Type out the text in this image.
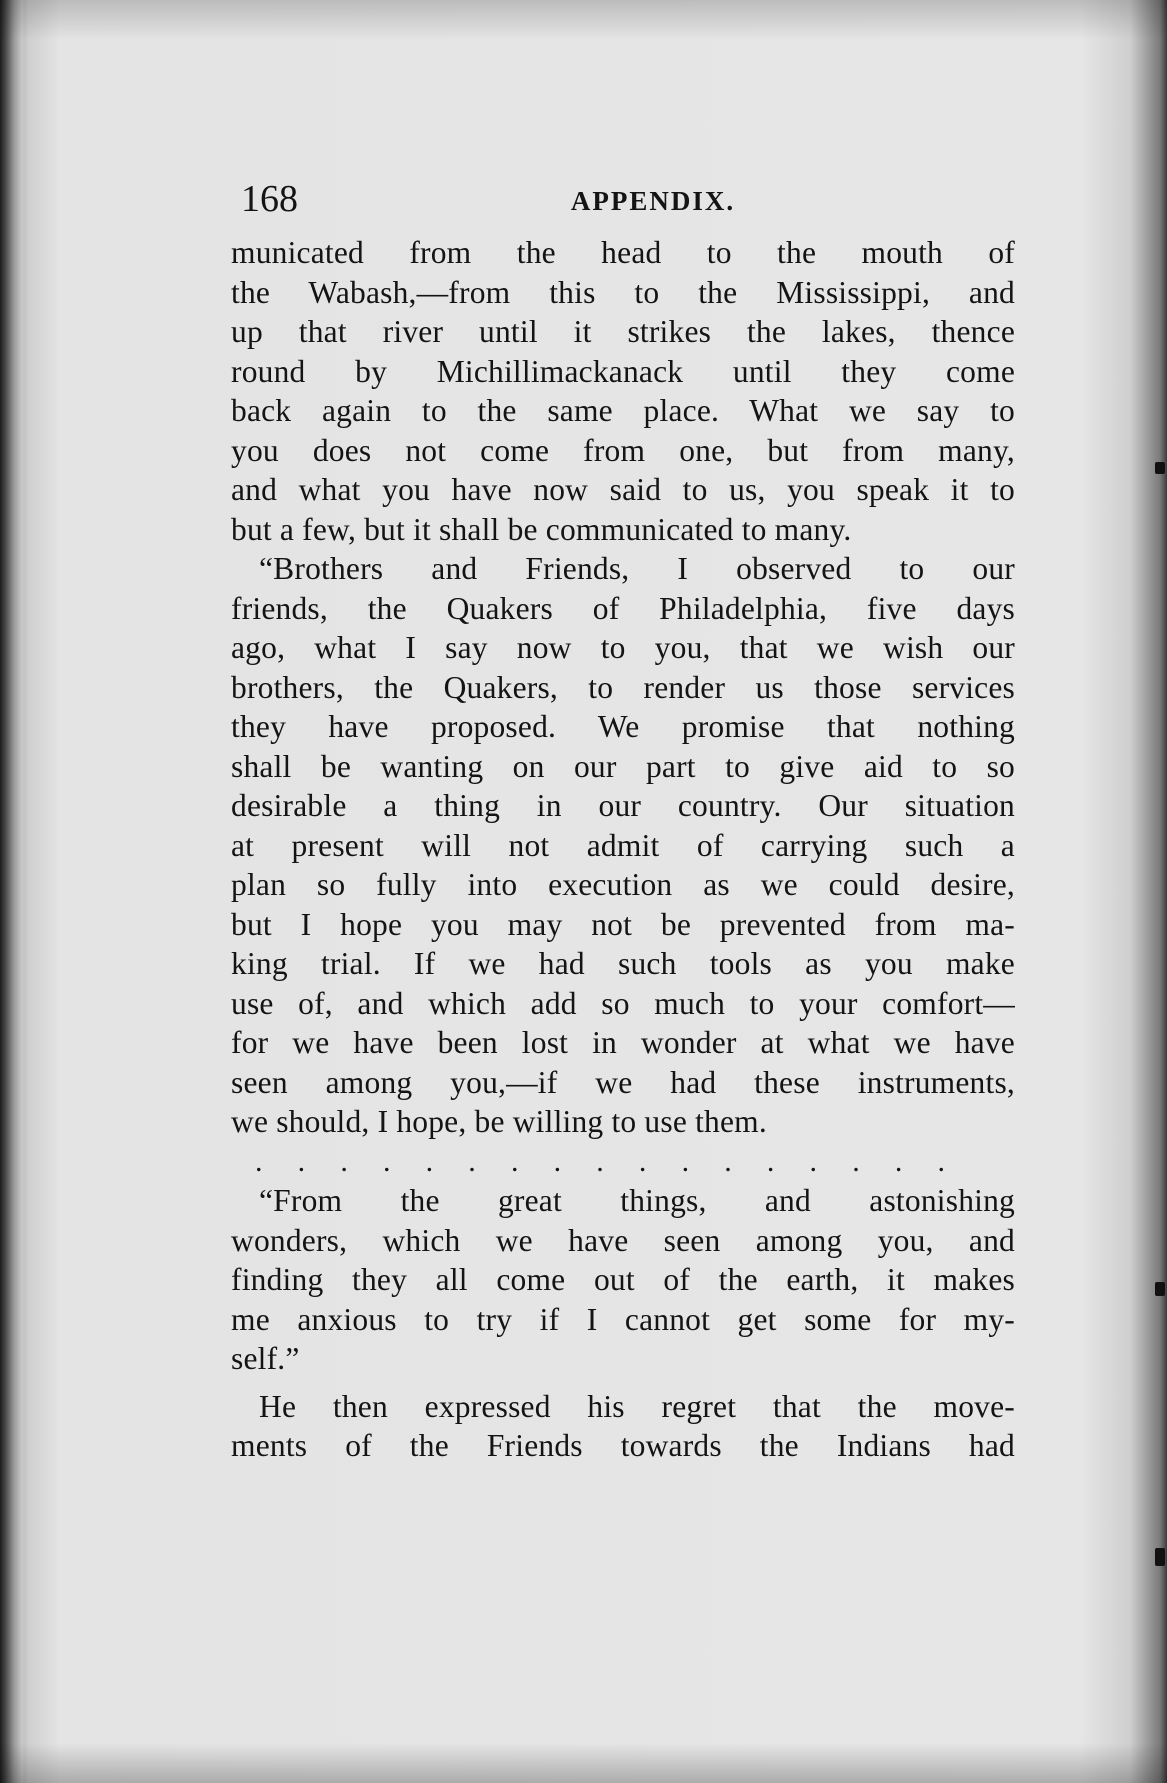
168	APPENDIX.
municated from the head to the mouth of
the Wabash,—from this to the Mississippi, and
up that river until it strikes the lakes, thence
round by Michillimackanack until they come
back again to the same place. What we say to
you does not come from one, but from many,
and what you have now said to us, you speak it to
but a few, but it shall be communicated to many.
“Brothers and Friends, I observed to our
friends, the Quakers of Philadelphia, five days
ago, what I say now to you, that we wish our
brothers, the Quakers, to render us those services
they have proposed. We promise that nothing
shall be wanting on our part to give aid to so
desirable a thing in our country. Our situation
at present will not admit of carrying such a
plan so fully into execution as we could desire,
but I hope you may not be prevented from ma-
king trial. If we had such tools as you make
use of, and which add so much to your comfort—
for we have been lost in wonder at what we have
seen among you,—if we had these instruments,
we should, I hope, be willing to use them.
. . . . . . . . . . . . . . . . .
“From the great things, and astonishing
wonders, which we have seen among you, and
finding they all come out of the earth, it makes
me anxious to try if I cannot get some for my-
self.”
He then expressed his regret that the move-
ments of the Friends towards the Indians had
